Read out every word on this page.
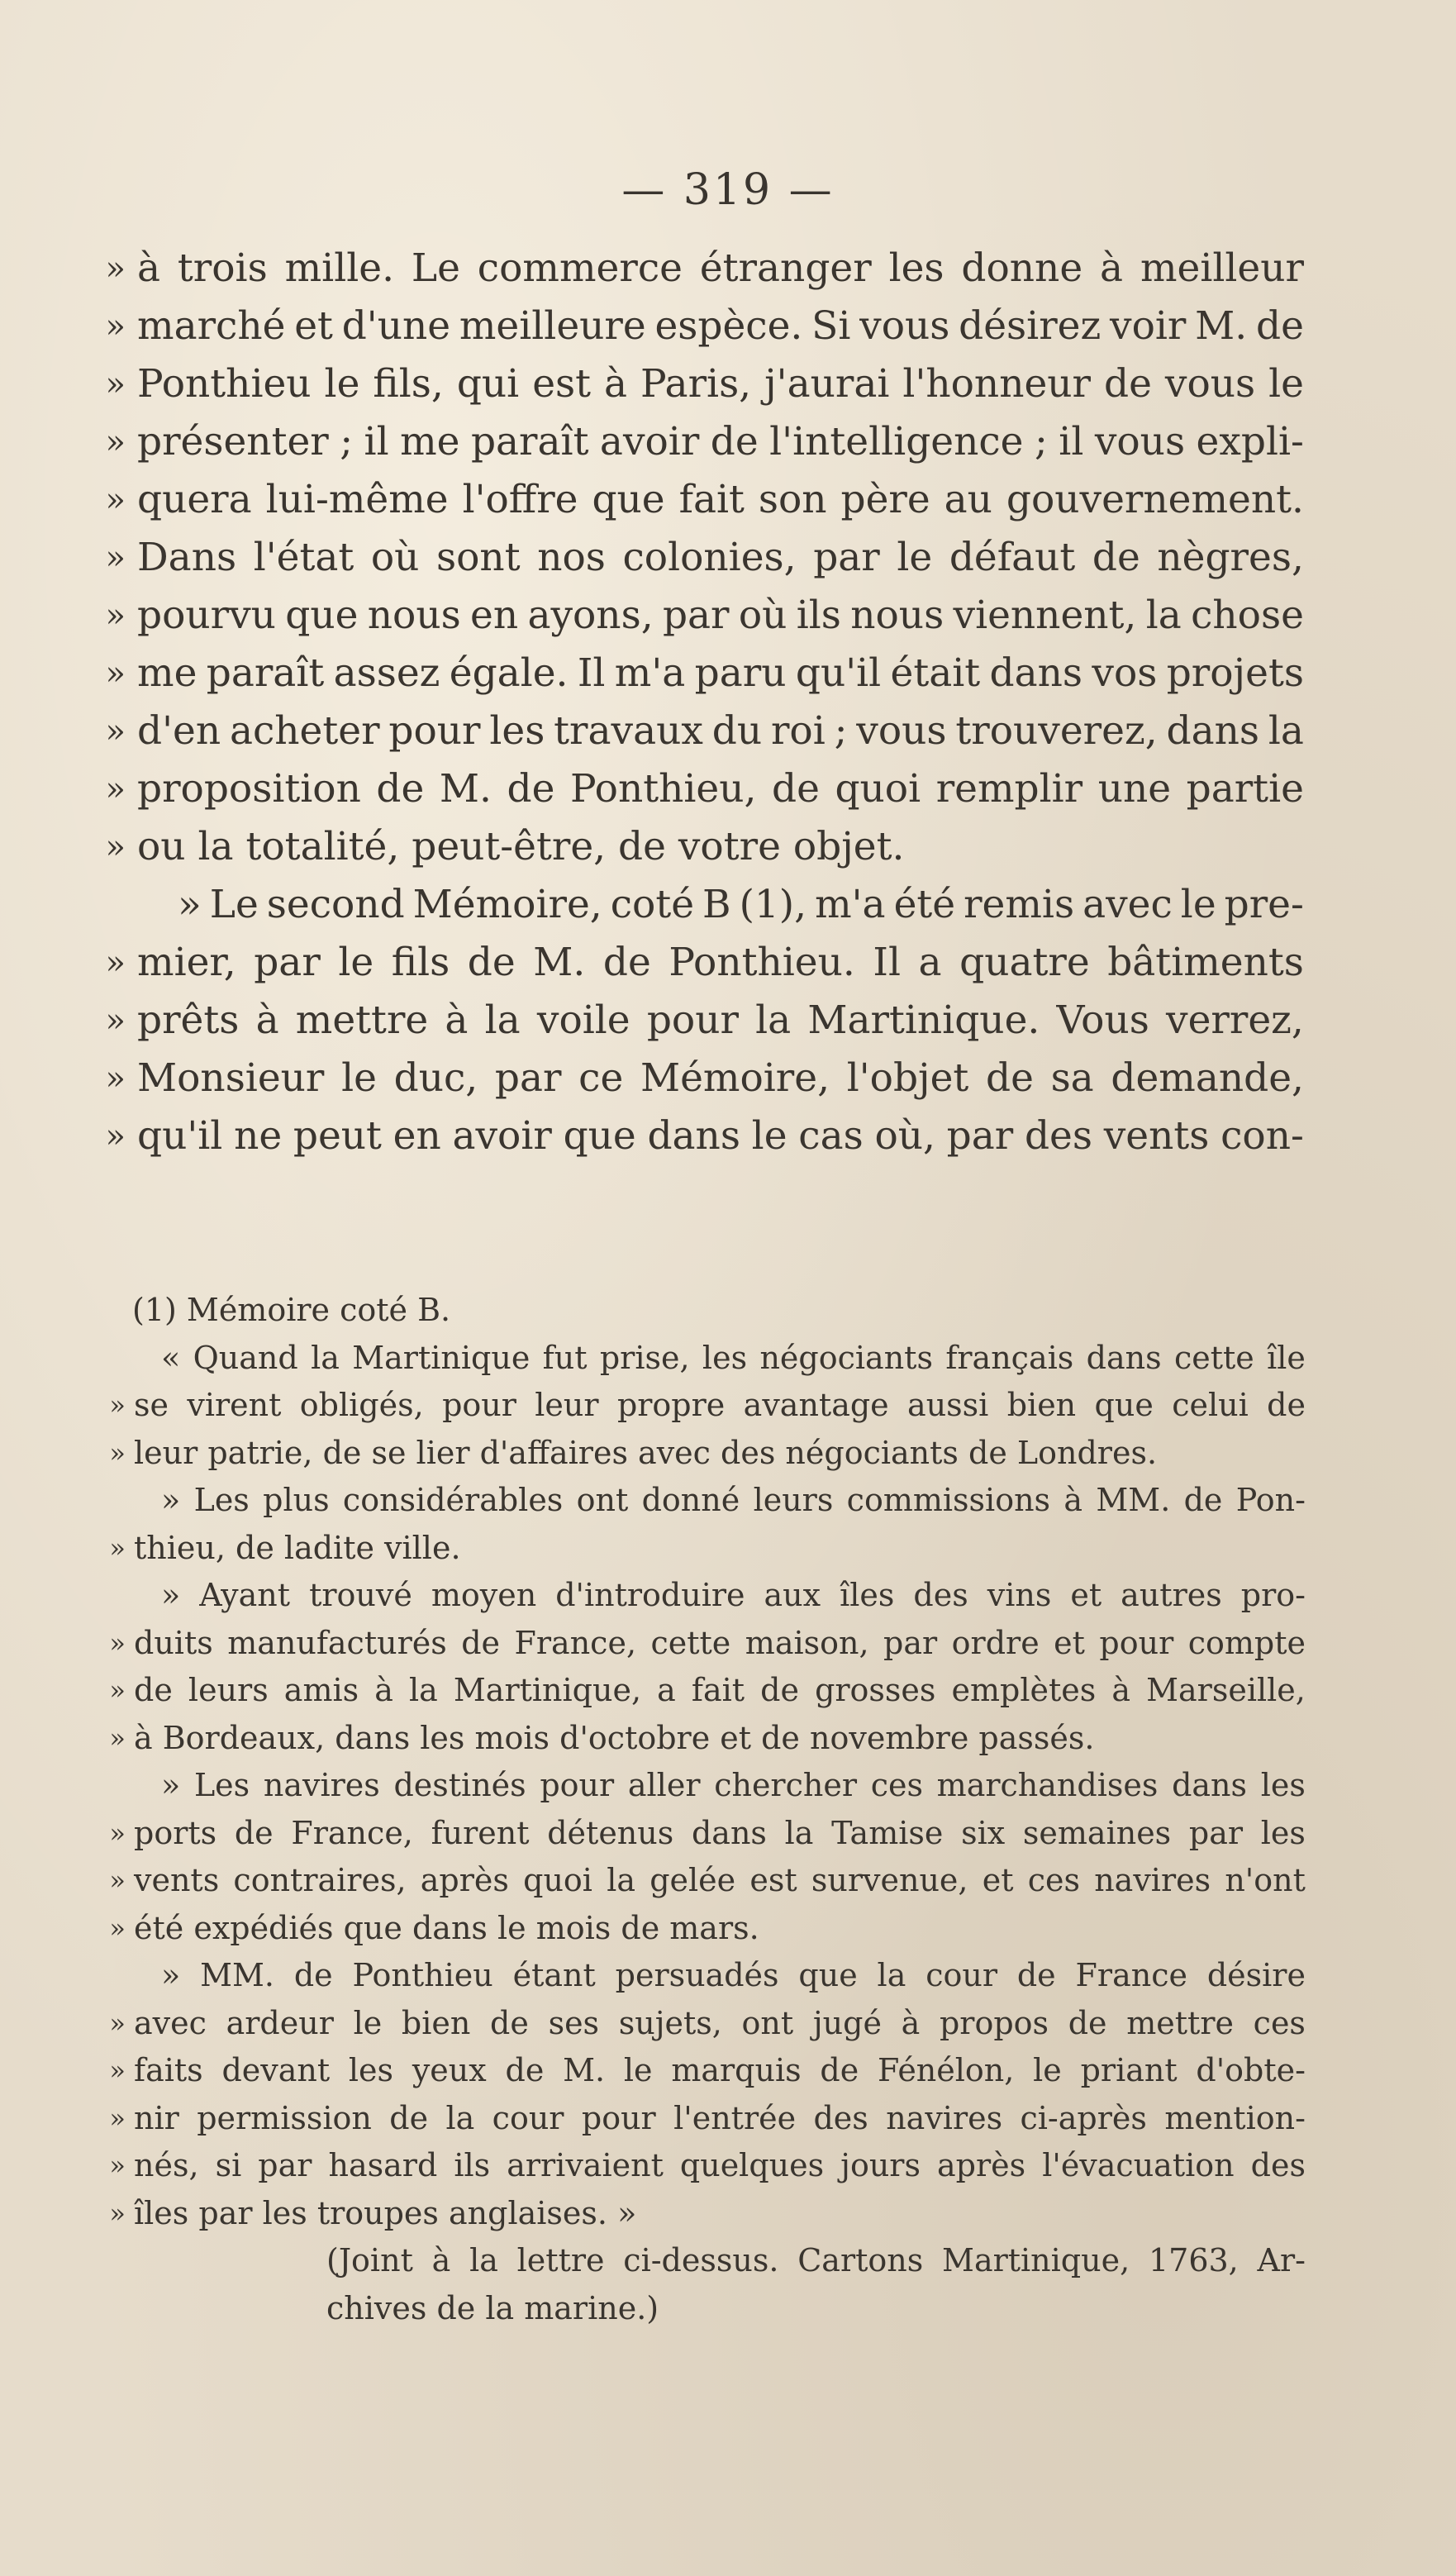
— 319 —
» à trois mille. Le commerce étranger les donne à meilleur
» marché et d'une meilleure espèce. Si vous désirez voir M. de
» Ponthieu le fils, qui est à Paris, j'aurai l'honneur de vous le
» présenter ; il me paraît avoir de l'intelligence ; il vous expli-
» quera lui-même l'offre que fait son père au gouvernement.
» Dans l'état où sont nos colonies, par le défaut de nègres,
» pourvu que nous en ayons, par où ils nous viennent, la chose
» me paraît assez égale. Il m'a paru qu'il était dans vos projets
» d'en acheter pour les travaux du roi ; vous trouverez, dans la
» proposition de M. de Ponthieu, de quoi remplir une partie
» ou la totalité, peut-être, de votre objet.
» Le second Mémoire, coté B (1), m'a été remis avec le pre-
» mier, par le fils de M. de Ponthieu. Il a quatre bâtiments
» prêts à mettre à la voile pour la Martinique. Vous verrez,
» Monsieur le duc, par ce Mémoire, l'objet de sa demande,
» qu'il ne peut en avoir que dans le cas où, par des vents con-
(1) Mémoire coté B.
« Quand la Martinique fut prise, les négociants français dans cette île
» se virent obligés, pour leur propre avantage aussi bien que celui de
» leur patrie, de se lier d'affaires avec des négociants de Londres.
» Les plus considérables ont donné leurs commissions à MM. de Pon-
» thieu, de ladite ville.
» Ayant trouvé moyen d'introduire aux îles des vins et autres pro-
» duits manufacturés de France, cette maison, par ordre et pour compte
» de leurs amis à la Martinique, a fait de grosses emplètes à Marseille,
» à Bordeaux, dans les mois d'octobre et de novembre passés.
» Les navires destinés pour aller chercher ces marchandises dans les
» ports de France, furent détenus dans la Tamise six semaines par les
» vents contraires, après quoi la gelée est survenue, et ces navires n'ont
» été expédiés que dans le mois de mars.
» MM. de Ponthieu étant persuadés que la cour de France désire
» avec ardeur le bien de ses sujets, ont jugé à propos de mettre ces
» faits devant les yeux de M. le marquis de Fénélon, le priant d'obte-
» nir permission de la cour pour l'entrée des navires ci-après mention-
» nés, si par hasard ils arrivaient quelques jours après l'évacuation des
» îles par les troupes anglaises. »
(Joint à la lettre ci-dessus. Cartons Martinique, 1763, Ar-
chives de la marine.)
